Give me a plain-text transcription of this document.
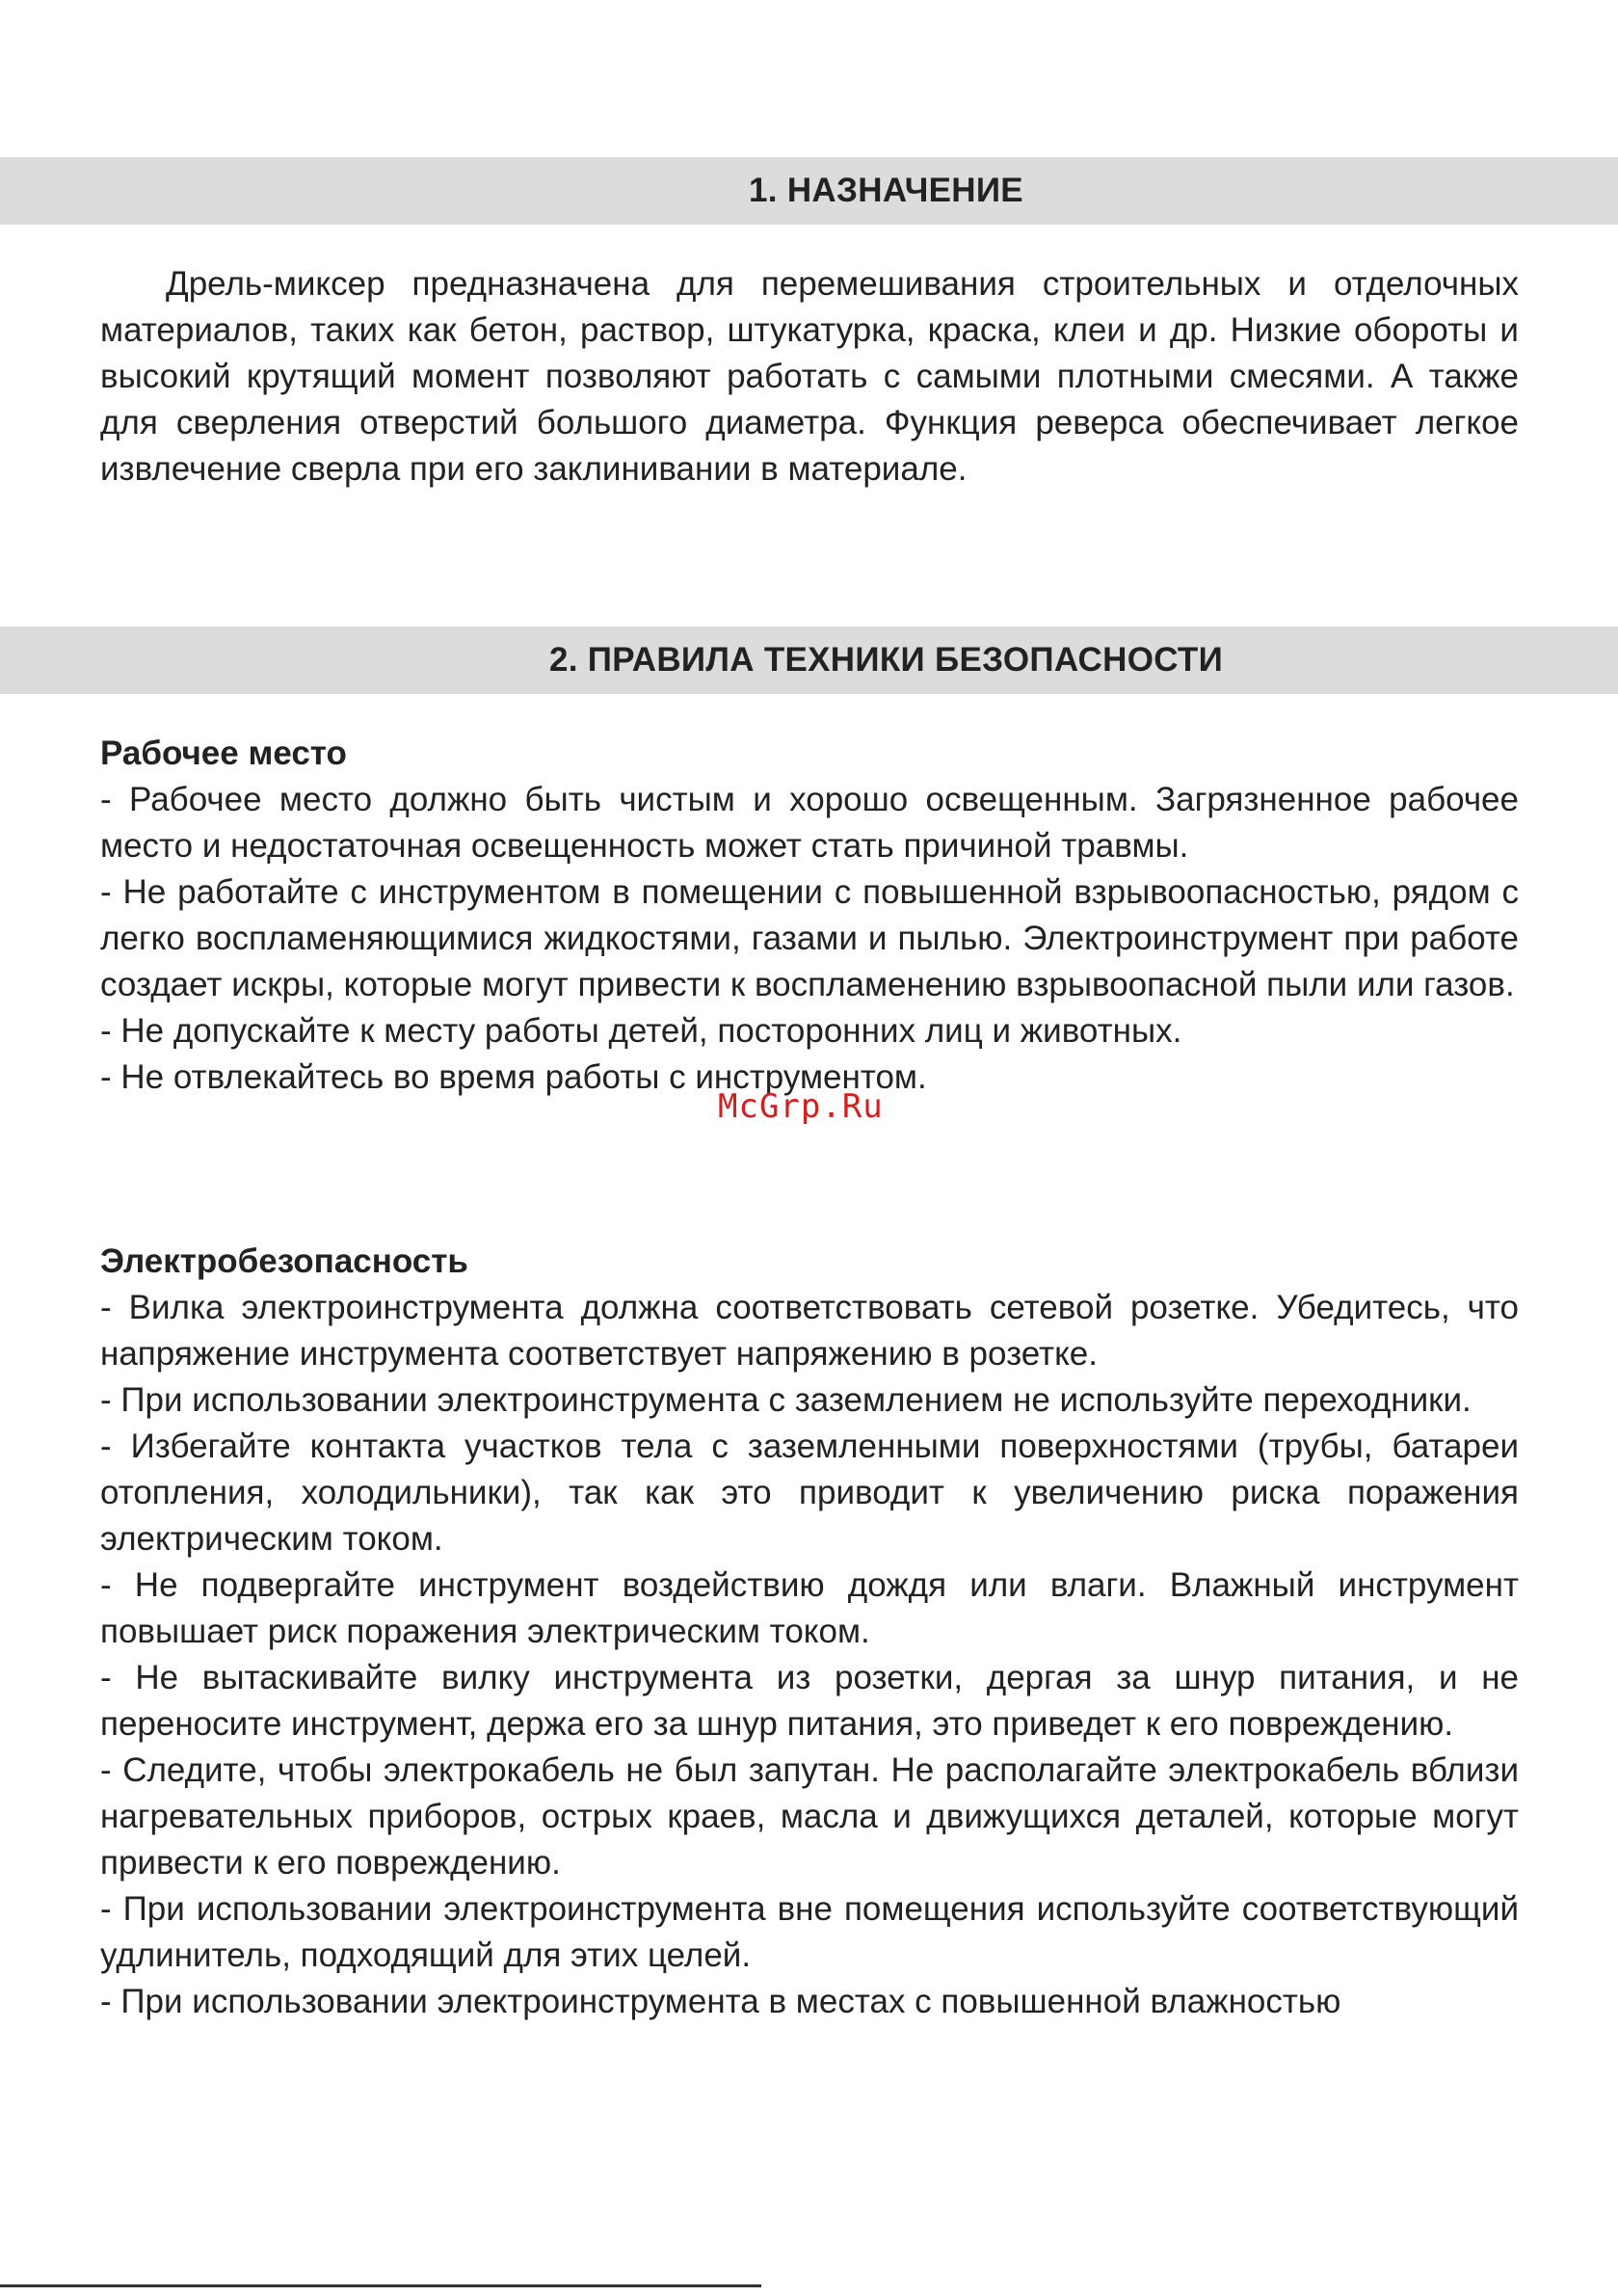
1. НАЗНАЧЕНИЕ

Дрель-миксер предназначена для перемешивания строительных и отделочных материалов, таких как бетон, раствор, штукатурка, краска, клеи и др. Низкие обороты и высокий крутящий момент позволяют работать с самыми плотными смесями. А также для сверления отверстий большого диаметра. Функция реверса обеспечивает легкое извлечение сверла при его заклинивании в материале.

2. ПРАВИЛА ТЕХНИКИ БЕЗОПАСНОСТИ

Рабочее место

- Рабочее место должно быть чистым и хорошо освещенным. Загрязненное рабочее место и недостаточная освещенность может стать причиной травмы.

- Не работайте с инструментом в помещении с повышенной взрывоопасностью, рядом с легко воспламеняющимися жидкостями, газами и пылью. Электроинструмент при работе создает искры, которые могут привести к воспламенению взрывоопасной пыли или газов.

- Не допускайте к месту работы детей, посторонних лиц и животных.

- Не отвлекайтесь во время работы с инструментом.

McGrp.Ru

Электробезопасность

- Вилка электроинструмента должна соответствовать сетевой розетке. Убедитесь, что напряжение инструмента соответствует напряжению в розетке.

- При использовании электроинструмента с заземлением не используйте переходники.

- Избегайте контакта участков тела с заземленными поверхностями (трубы, батареи отопления, холодильники), так как это приводит к увеличению риска поражения электрическим током.

- Не подвергайте инструмент воздействию дождя или влаги. Влажный инструмент повышает риск поражения электрическим током.

- Не вытаскивайте вилку инструмента из розетки, дергая за шнур питания, и не переносите инструмент, держа его за шнур питания, это приведет к его повреждению.

- Следите, чтобы электрокабель не был запутан. Не располагайте электрокабель вблизи нагревательных приборов, острых краев, масла и движущихся деталей, которые могут привести к его повреждению.

- При использовании электроинструмента вне помещения используйте соответствующий удлинитель, подходящий для этих целей.

- При использовании электроинструмента в местах с повышенной влажностью
